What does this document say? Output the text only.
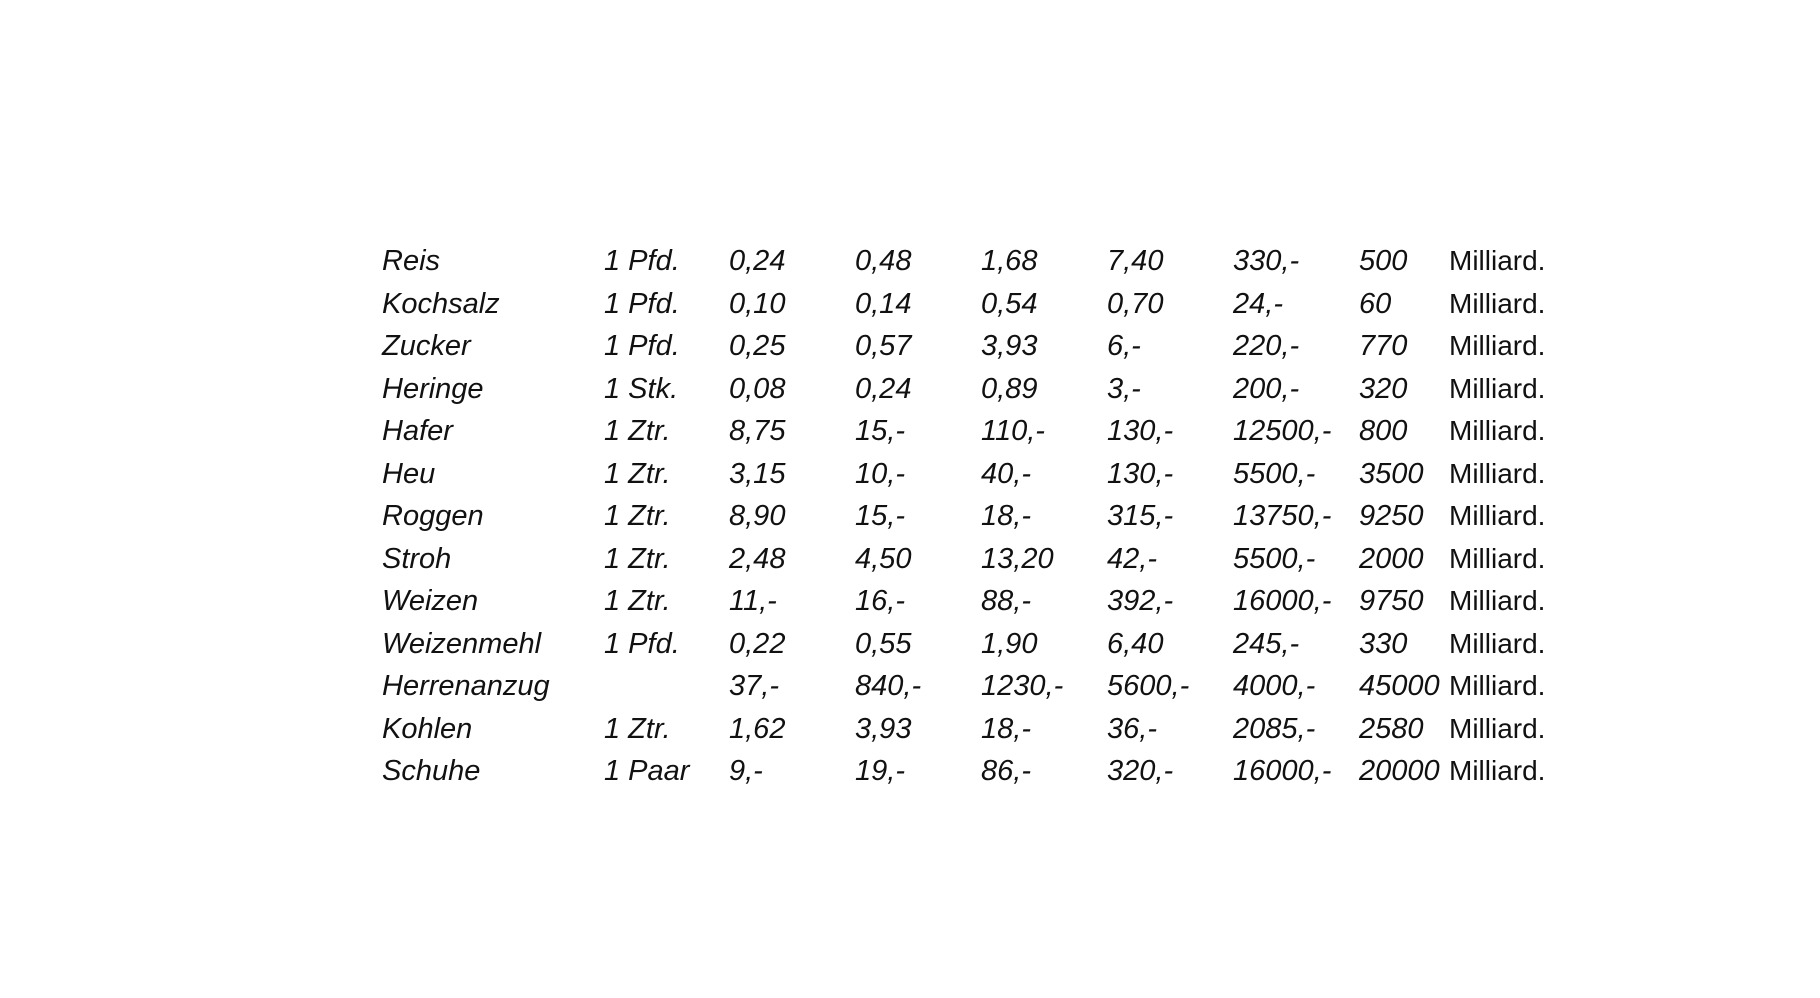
Reis	1 Pfd.	0,24	0,48	1,68	7,40	330,-	500	Milliard.
Kochsalz	1 Pfd.	0,10	0,14	0,54	0,70	24,-	60	Milliard.
Zucker	1 Pfd.	0,25	0,57	3,93	6,-	220,-	770	Milliard.
Heringe	1 Stk.	0,08	0,24	0,89	3,-	200,-	320	Milliard.
Hafer	1 Ztr.	8,75	15,-	110,-	130,-	12500,-	800	Milliard.
Heu	1 Ztr.	3,15	10,-	40,-	130,-	5500,-	3500	Milliard.
Roggen	1 Ztr.	8,90	15,-	18,-	315,-	13750,-	9250	Milliard.
Stroh	1 Ztr.	2,48	4,50	13,20	42,-	5500,-	2000	Milliard.
Weizen	1 Ztr.	11,-	16,-	88,-	392,-	16000,-	9750	Milliard.
Weizenmehl	1 Pfd.	0,22	0,55	1,90	6,40	245,-	330	Milliard.
Herrenanzug		37,-	840,-	1230,-	5600,-	4000,-	45000	Milliard.
Kohlen	1 Ztr.	1,62	3,93	18,-	36,-	2085,-	2580	Milliard.
Schuhe	1 Paar	9,-	19,-	86,-	320,-	16000,-	20000	Milliard.
